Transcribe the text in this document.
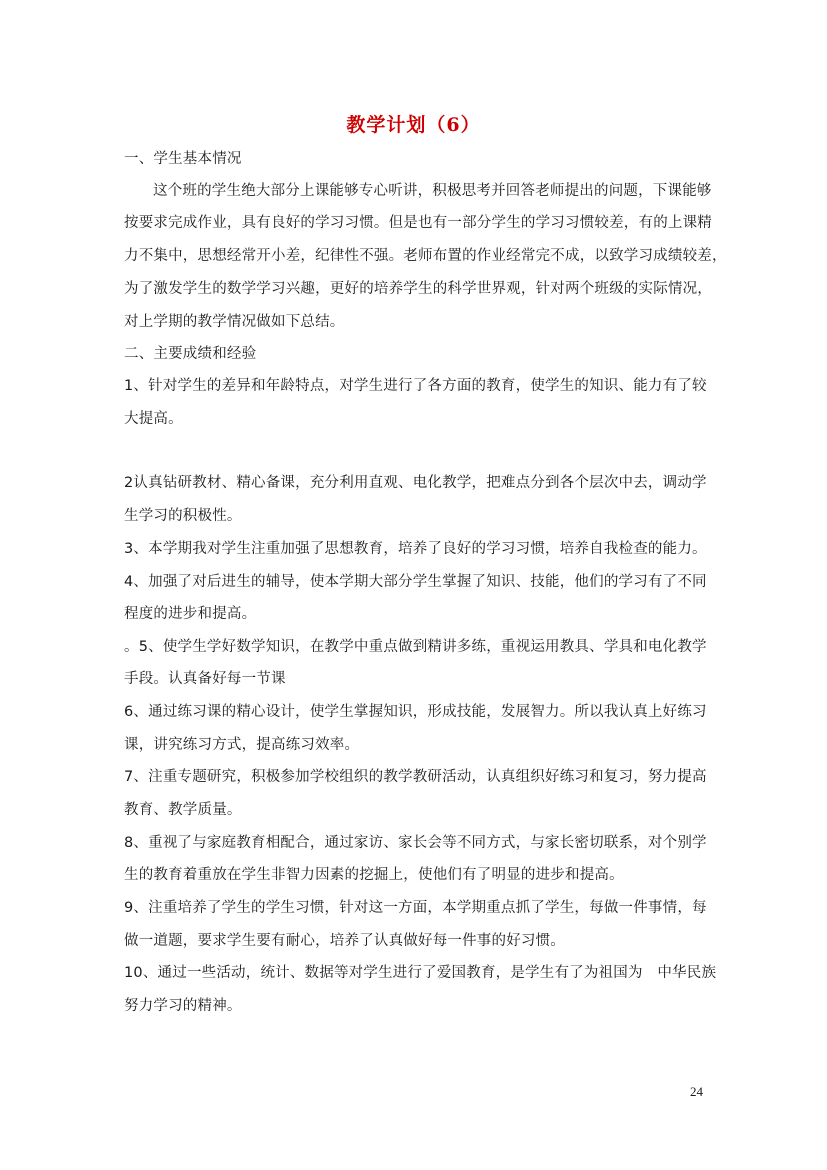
教学计划（6）
一、学生基本情况
这个班的学生绝大部分上课能够专心听讲，积极思考并回答老师提出的问题，下课能够
按要求完成作业，具有良好的学习习惯。但是也有一部分学生的学习习惯较差，有的上课精
力不集中，思想经常开小差，纪律性不强。老师布置的作业经常完不成，以致学习成绩较差，
为了激发学生的数学学习兴趣，更好的培养学生的科学世界观，针对两个班级的实际情况，
对上学期的教学情况做如下总结。
二、主要成绩和经验
1、针对学生的差异和年龄特点，对学生进行了各方面的教育，使学生的知识、能力有了较
大提高。
2认真钻研教材、精心备课，充分利用直观、电化教学，把难点分到各个层次中去，调动学
生学习的积极性。
3、本学期我对学生注重加强了思想教育，培养了良好的学习习惯，培养自我检查的能力。
4、加强了对后进生的辅导，使本学期大部分学生掌握了知识、技能，他们的学习有了不同
程度的进步和提高。
。5、使学生学好数学知识，在教学中重点做到精讲多练，重视运用教具、学具和电化教学
手段。认真备好每一节课
6、通过练习课的精心设计，使学生掌握知识，形成技能，发展智力。所以我认真上好练习
课，讲究练习方式，提高练习效率。
7、注重专题研究，积极参加学校组织的教学教研活动，认真组织好练习和复习，努力提高
教育、教学质量。
8、重视了与家庭教育相配合，通过家访、家长会等不同方式，与家长密切联系，对个别学
生的教育着重放在学生非智力因素的挖掘上，使他们有了明显的进步和提高。
9、注重培养了学生的学生习惯，针对这一方面，本学期重点抓了学生，每做一件事情，每
做一道题，要求学生要有耐心，培养了认真做好每一件事的好习惯。
10、通过一些活动，统计、数据等对学生进行了爱国教育，是学生有了为祖国为　中华民族
努力学习的精神。
24
